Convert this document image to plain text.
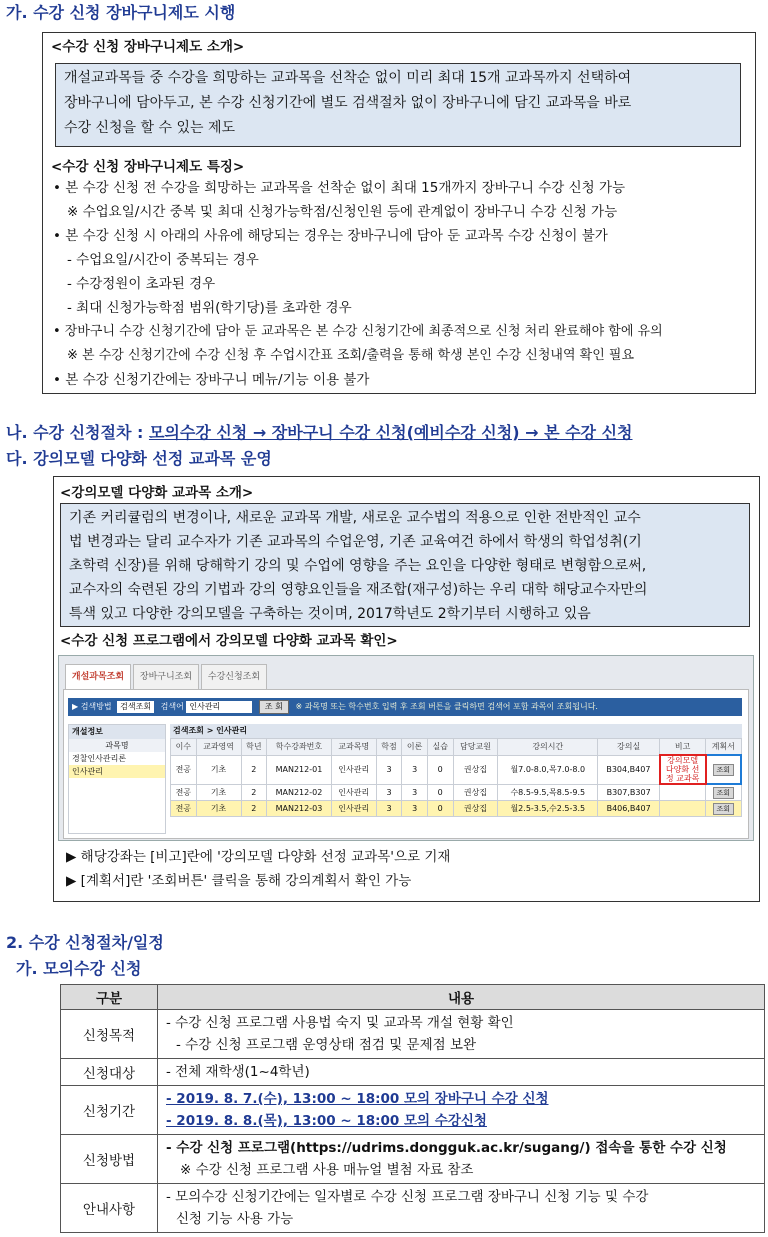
가. 수강 신청 장바구니제도 시행
<수강 신청 장바구니제도 소개>
개설교과목들 중 수강을 희망하는 교과목을 선착순 없이 미리 최대 15개 교과목까지 선택하여
장바구니에 담아두고, 본 수강 신청기간에 별도 검색절차 없이 장바구니에 담긴 교과목을 바로
수강 신청을 할 수 있는 제도
<수강 신청 장바구니제도 특징>
• 본 수강 신청 전 수강을 희망하는 교과목을 선착순 없이 최대 15개까지 장바구니 수강 신청 가능
※ 수업요일/시간 중복 및 최대 신청가능학점/신청인원 등에 관계없이 장바구니 수강 신청 가능
• 본 수강 신청 시 아래의 사유에 해당되는 경우는 장바구니에 담아 둔 교과목 수강 신청이 불가
- 수업요일/시간이 중복되는 경우
- 수강정원이 초과된 경우
- 최대 신청가능학점 범위(학기당)를 초과한 경우
• 장바구니 수강 신청기간에 담아 둔 교과목은 본 수강 신청기간에 최종적으로 신청 처리 완료해야 함에 유의
※ 본 수강 신청기간에 수강 신청 후 수업시간표 조회/출력을 통해 학생 본인 수강 신청내역 확인 필요
• 본 수강 신청기간에는 장바구니 메뉴/기능 이용 불가
나. 수강 신청절차 : 모의수강 신청 → 장바구니 수강 신청(예비수강 신청) → 본 수강 신청
다. 강의모델 다양화 선정 교과목 운영
<강의모델 다양화 교과목 소개>
기존 커리큘럼의 변경이나, 새로운 교과목 개발, 새로운 교수법의 적용으로 인한 전반적인 교수
법 변경과는 달리 교수자가 기존 교과목의 수업운영, 기존 교육여건 하에서 학생의 학업성취(기
초학력 신장)를 위해 당해학기 강의 및 수업에 영향을 주는 요인을 다양한 형태로 변형함으로써,
교수자의 숙련된 강의 기법과 강의 영향요인들을 재조합(재구성)하는 우리 대학 해당교수자만의
특색 있고 다양한 강의모델을 구축하는 것이며, 2017학년도 2학기부터 시행하고 있음
<수강 신청 프로그램에서 강의모델 다양화 교과목 확인>
개설과목조회	장바구니조회	수강신청조회
▶ 검색방법 검색조회 검색어 인사관리	조 회 ※ 과목명 또는 학수번호 입력 후 조회 버튼을 클릭하면 검색어 포함 과목이 조회됩니다.
개설정보
과목명
경찰인사관리론
인사관리
검색조회 > 인사관리
이수	교과영역	학년	학수강좌번호	교과목명	학점	이론	실습	담당교원	강의시간	강의실	비고	계획서
전공	기초	2	MAN212-01	인사관리	3	3	0	권상집	월7.0-8.0,목7.0-8.0	B304,B407	강의모델 다양화 선정 교과목	조회
전공	기초	2	MAN212-02	인사관리	3	3	0	권상집	수8.5-9.5,목8.5-9.5	B307,B307		조회
전공	기초	2	MAN212-03	인사관리	3	3	0	권상집	월2.5-3.5,수2.5-3.5	B406,B407		조회
▶ 해당강좌는 [비고]란에 '강의모델 다양화 선정 교과목'으로 기재
▶ [계획서]란 '조회버튼' 클릭을 통해 강의계획서 확인 가능
2. 수강 신청절차/일정
가. 모의수강 신청
구분	내용
신청목적	- 수강 신청 프로그램 사용법 숙지 및 교과목 개설 현황 확인
- 수강 신청 프로그램 운영상태 점검 및 문제점 보완

신청대상	- 전체 재학생(1~4학년)

신청기간	- 2019. 8. 7.(수), 13:00 ~ 18:00 모의 장바구니 수강 신청
- 2019. 8. 8.(목), 13:00 ~ 18:00 모의 수강신청

신청방법	- 수강 신청 프로그램(https://udrims.dongguk.ac.kr/sugang/) 접속을 통한 수강 신청
※ 수강 신청 프로그램 사용 매뉴얼 별첨 자료 참조

안내사항	- 모의수강 신청기간에는 일자별로 수강 신청 프로그램 장바구니 신청 기능 및 수강
신청 기능 사용 가능
